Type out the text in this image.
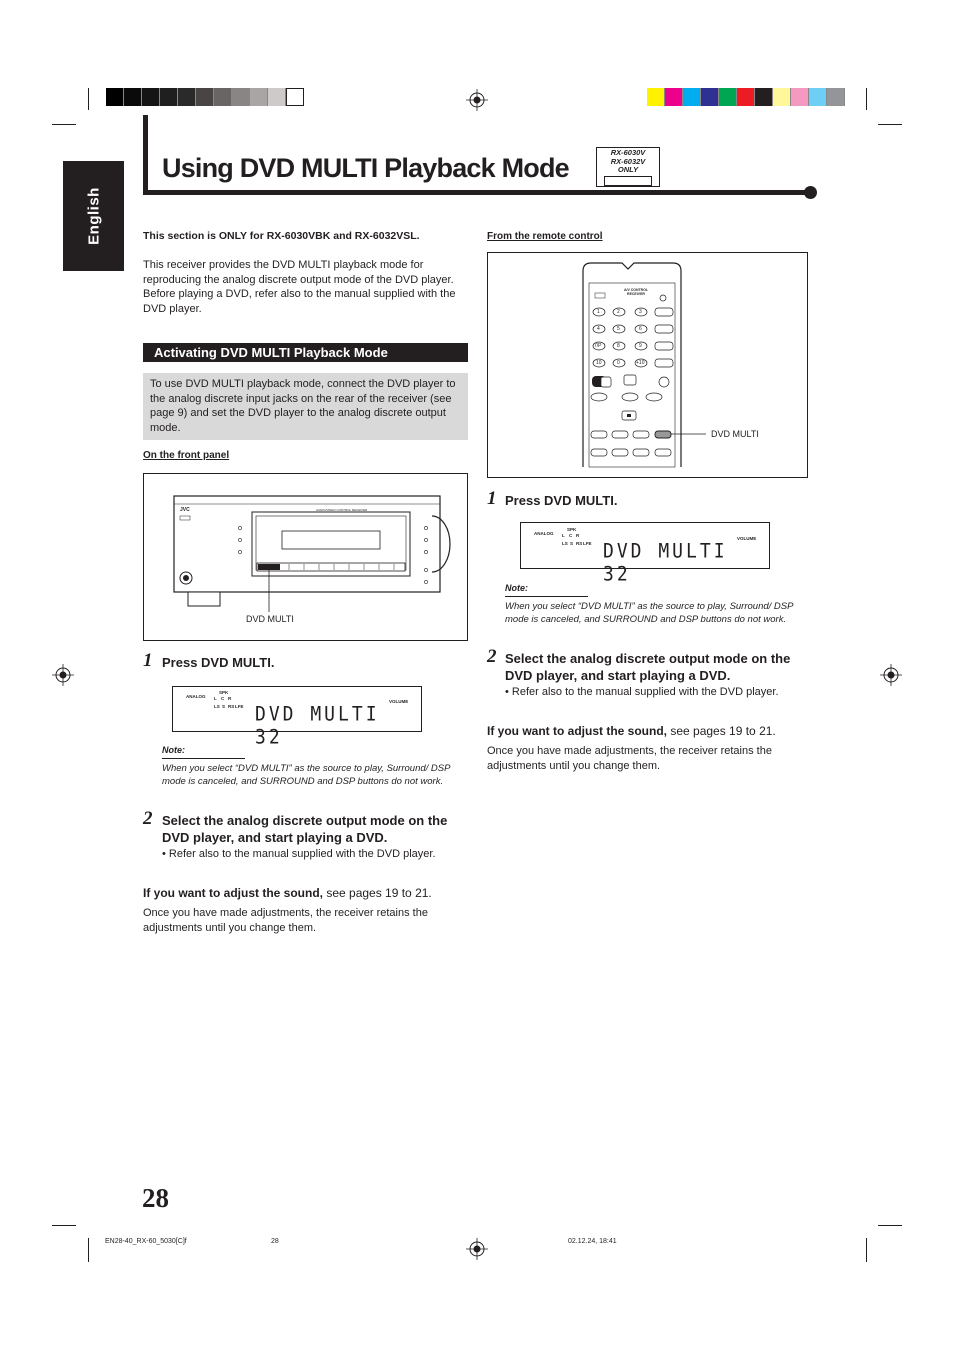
English
Using DVD MULTI Playback Mode
RX-6030V
RX-6032V
ONLY
This section is ONLY for RX-6030VBK and RX-6032VSL.
This receiver provides the DVD MULTI playback mode for reproducing the analog discrete output mode of the DVD player. Before playing a DVD, refer also to the manual supplied with the DVD player.
Activating DVD MULTI Playback Mode
To use DVD MULTI playback mode, connect the DVD player to the analog discrete input jacks on the rear of the receiver (see page 9) and set the DVD player to the analog discrete output mode.
On the front panel
JVC	AUDIO/VIDEO CONTROL RECEIVER
DVD MULTI
1 Press DVD MULTI.
ANALOG
SPK
L C R
LS S RS LFE
VOLUME
DVD MULTI 32
Note:
When you select “DVD MULTI” as the source to play, Surround/ DSP mode is canceled, and SURROUND and DSP buttons do not work.
2 Select the analog discrete output mode on the DVD player, and start playing a DVD.
• Refer also to the manual supplied with the DVD player.
If you want to adjust the sound, see pages 19 to 21.
Once you have made adjustments, the receiver retains the adjustments until you change them.
From the remote control
A/V CONTROL RECEIVER
1	2	3
4	5	6
7/P	8	9
10	0	+10
DVD MULTI
1 Press DVD MULTI.
ANALOG
SPK
L C R
LS S RS LFE
VOLUME
DVD MULTI 32
Note:
When you select “DVD MULTI” as the source to play, Surround/ DSP mode is canceled, and SURROUND and DSP buttons do not work.
2 Select the analog discrete output mode on the DVD player, and start playing a DVD.
• Refer also to the manual supplied with the DVD player.
If you want to adjust the sound, see pages 19 to 21.
Once you have made adjustments, the receiver retains the adjustments until you change them.
28
EN28-40_RX-60_5030[C]f	28	02.12.24, 18:41
